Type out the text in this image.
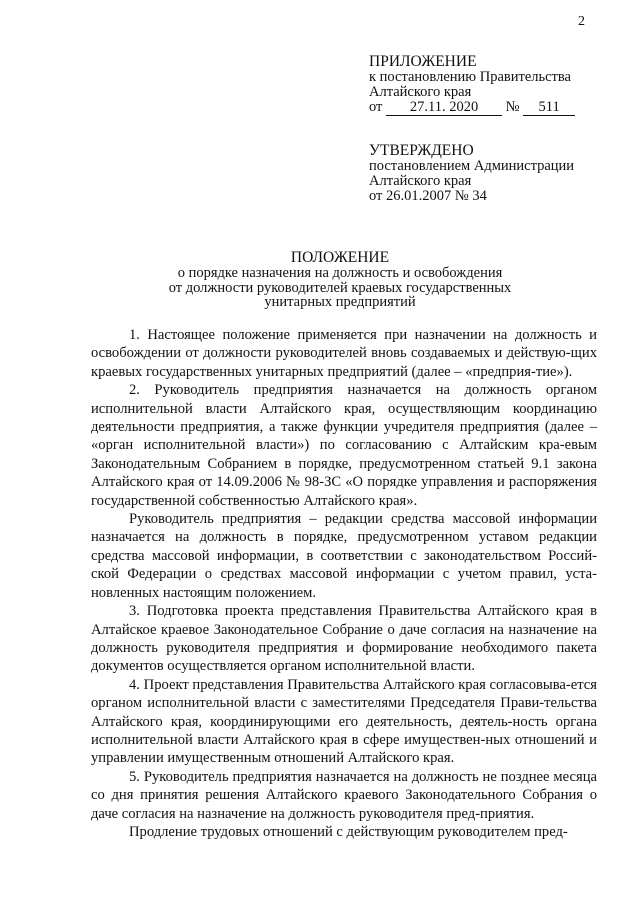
2
ПРИЛОЖЕНИЕ
к постановлению Правительства
Алтайского края
от 27.11. 2020 № 511
УТВЕРЖДЕНО
постановлением Администрации
Алтайского края
от 26.01.2007 № 34
ПОЛОЖЕНИЕ
о порядке назначения на должность и освобождения
от должности руководителей краевых государственных
унитарных предприятий

1. Настоящее положение применяется при назначении на должность и освобождении от должности руководителей вновь создаваемых и действую-щих краевых государственных унитарных предприятий (далее – «предприя-тие»).

2. Руководитель предприятия назначается на должность органом исполнительной власти Алтайского края, осуществляющим координацию деятельности предприятия, а также функции учредителя предприятия (далее – «орган исполнительной власти») по согласованию с Алтайским кра-евым Законодательным Собранием в порядке, предусмотренном статьей 9.1 закона Алтайского края от 14.09.2006 № 98-ЗС «О порядке управления и распоряжения государственной собственностью Алтайского края».

Руководитель предприятия – редакции средства массовой информации назначается на должность в порядке, предусмотренном уставом редакции средства массовой информации, в соответствии с законодательством Россий-ской Федерации о средствах массовой информации с учетом правил, уста-новленных настоящим положением.

3. Подготовка проекта представления Правительства Алтайского края в Алтайское краевое Законодательное Собрание о даче согласия на назначение на должность руководителя предприятия и формирование необходимого пакета документов осуществляется органом исполнительной власти.

4. Проект представления Правительства Алтайского края согласовыва-ется органом исполнительной власти с заместителями Председателя Прави-тельства Алтайского края, координирующими его деятельность, деятель-ность органа исполнительной власти Алтайского края в сфере имуществен-ных отношений и управлении имущественным отношений Алтайского края.

5. Руководитель предприятия назначается на должность не позднее месяца со дня принятия решения Алтайского краевого Законодательного Собрания о даче согласия на назначение на должность руководителя пред-приятия.

Продление трудовых отношений с действующим руководителем пред-
